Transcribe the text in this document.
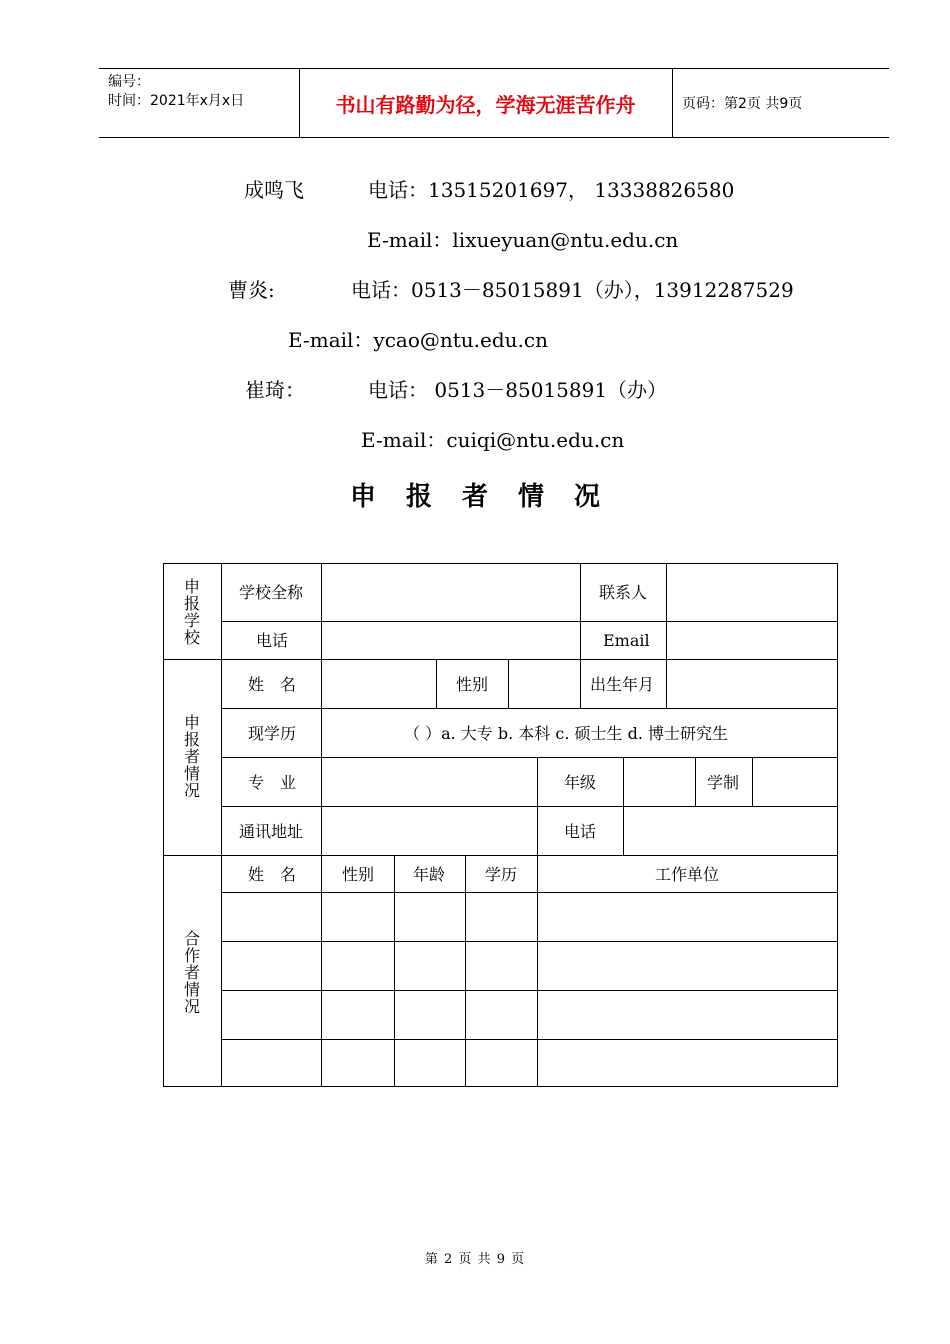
编号：
时间：2021年x月x日	书山有路勤为径，学海无涯苦作舟	页码：第2页 共9页
成鸣飞	电话：13515201697， 13338826580
E-mail：lixueyuan@ntu.edu.cn
曹炎:	电话：0513－85015891（办），13912287529
E-mail：ycao@ntu.edu.cn
崔琦：	电话： 0513－85015891（办）
E-mail：cuiqi@ntu.edu.cn
申报者情况
申报学校
申报者情况
合作者情况
学校全称	联系人
电话	Email
姓　名	性别	出生年月
现学历	（ ）a. 大专 b. 本科 c. 硕士生 d. 博士研究生
专　业	年级	学制
通讯地址	电话
姓　名	性别 年龄 学历	工作单位
第 2 页 共 9 页
